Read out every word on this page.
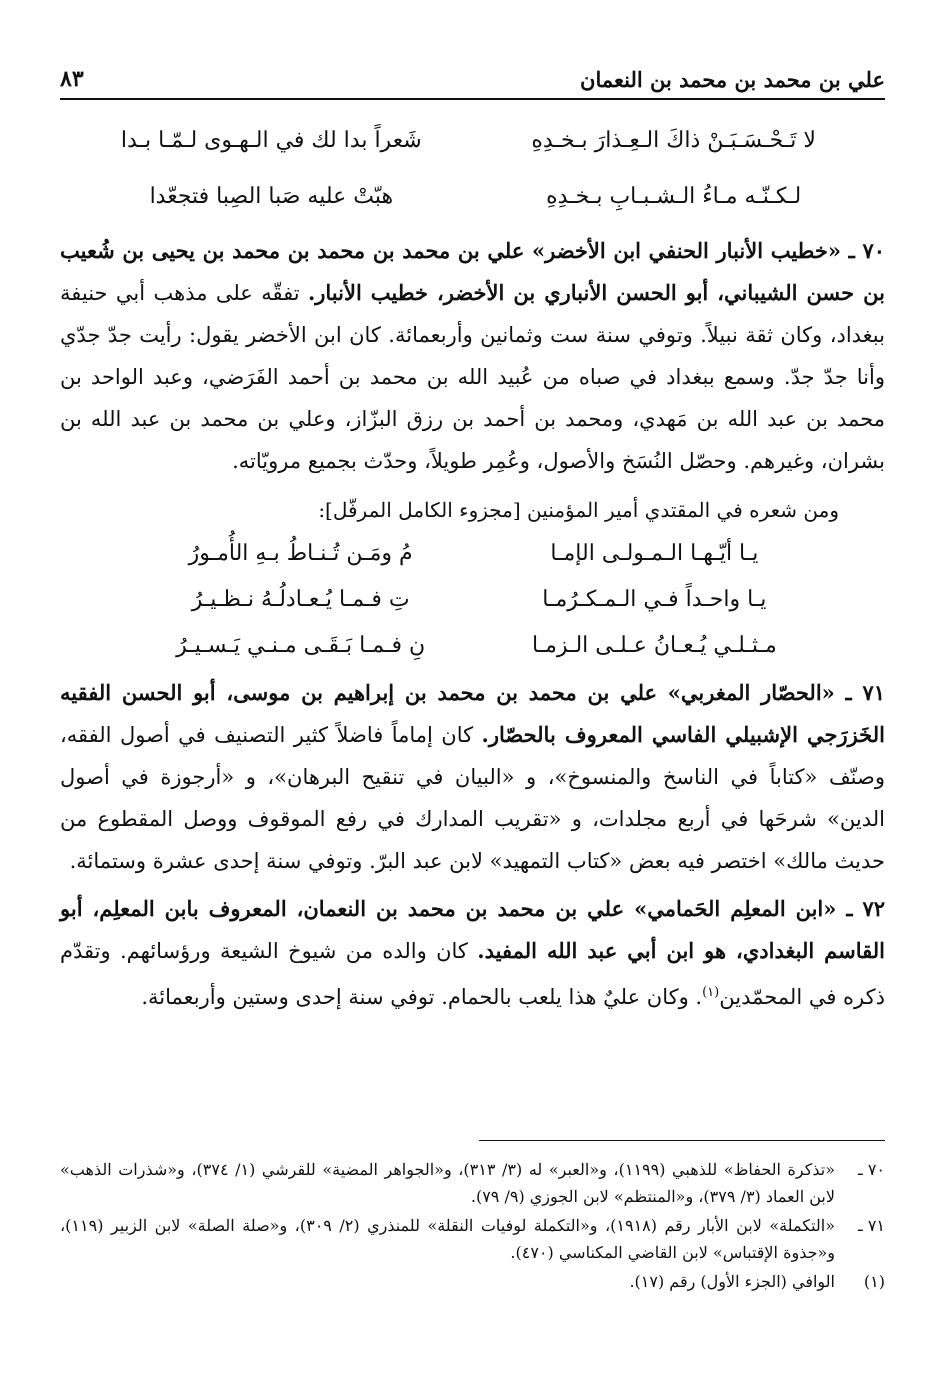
٨٣	علي بن محمد بن محمد بن النعمان
لا تَـحْـسَـبَـنْ ذاكَ الـعِـذارَ بـخـدِهِ
شَعراً بدا لك في الـهـوى لـمّـا بـدا
لـكـنّـه مـاءُ الـشـبـابِ بـخـدِهِ
هبّتْ عليه صَبا الصِبا فتجعّدا

٧٠ ـ «خطيب الأنبار الحنفي ابن الأخضر» علي بن محمد بن محمد بن محمد بن يحيى بن شُعيب بن حسن الشيباني، أبو الحسن الأنباري بن الأخضر، خطيب الأنبار. تفقّه على مذهب أبي حنيفة ببغداد، وكان ثقة نبيلاً. وتوفي سنة ست وثمانين وأربعمائة. كان ابن الأخضر يقول: رأيت جدّ جدّي وأنا جدّ جدّ. وسمع ببغداد في صباه من عُبيد الله بن محمد بن أحمد الفَرَضي، وعبد الواحد بن محمد بن عبد الله بن مَهدي، ومحمد بن أحمد بن رزق البزّاز، وعلي بن محمد بن عبد الله بن بشران، وغيرهم. وحصّل النُسَخ والأصول، وعُمِر طويلاً، وحدّث بجميع مرويّاته.

ومن شعره في المقتدي أمير المؤمنين [مجزوء الكامل المرفّل]:

يـا أيّـهـا الـمـولـى الإمـا
مُ ومَـن تُـنـاطُ بـهِ الأُمـورُ
يـا واحـداً فـي الـمـكـرُمـا
تِ فـمـا يُـعـادلُـهُ نـظـيـرُ
مـثـلـي يُـعـانُ عـلـى الـزمـا
نِ فـمـا بَـقَـى مـنـي يَـسـيـرُ

٧١ ـ «الحصّار المغربي» علي بن محمد بن محمد بن إبراهيم بن موسى، أبو الحسن الفقيه الخَزرَجي الإشبيلي الفاسي المعروف بالحصّار. كان إماماً فاضلاً كثير التصنيف في أصول الفقه، وصنّف «كتاباً في الناسخ والمنسوخ»، و «البيان في تنقيح البرهان»، و «أرجوزة في أصول الدين» شرحَها في أربع مجلدات، و «تقريب المدارك في رفع الموقوف ووصل المقطوع من حديث مالك» اختصر فيه بعض «كتاب التمهيد» لابن عبد البرّ. وتوفي سنة إحدى عشرة وستمائة.

٧٢ ـ «ابن المعلِم الحَمامي» علي بن محمد بن محمد بن النعمان، المعروف بابن المعلِم، أبو القاسم البغدادي، هو ابن أبي عبد الله المفيد. كان والده من شيوخ الشيعة ورؤسائهم. وتقدّم ذكره في المحمّدين$^{(١)}$. وكان عليٌ هذا يلعب بالحمام. توفي سنة إحدى وستين وأربعمائة.

٧٠ ـ
«تذكرة الحفاظ» للذهبي (١١٩٩)، و«العبر» له (٣/ ٣١٣)، و«الجواهر المضية» للقرشي (١/ ٣٧٤)، و«شذرات الذهب» لابن العماد (٣/ ٣٧٩)، و«المنتظم» لابن الجوزي (٩/ ٧٩).
٧١ ـ
«التكملة» لابن الأبار رقم (١٩١٨)، و«التكملة لوفيات النقلة» للمنذري (٢/ ٣٠٩)، و«صلة الصلة» لابن الزبير (١١٩)، و«جذوة الإقتباس» لابن القاضي المكناسي (٤٧٠).
(١)
الوافي (الجزء الأول) رقم (١٧).
